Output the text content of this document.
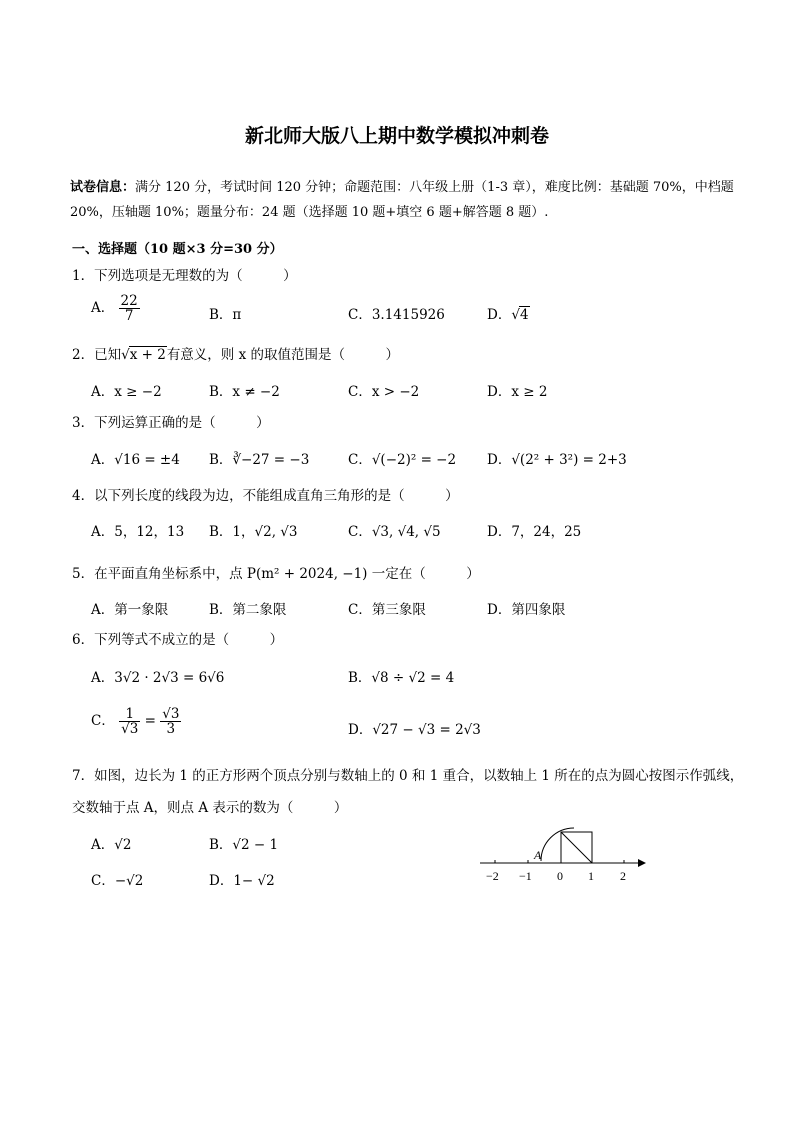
新北师大版八上期中数学模拟冲刺卷
试卷信息：满分 120 分，考试时间 120 分钟；命题范围：八年级上册（1-3 章），难度比例：基础题 70%，中档题 20%，压轴题 10%；题量分布：24 题（选择题 10 题+填空 6 题+解答题 8 题）.
一、选择题（10 题×3 分=30 分）
1．下列选项是无理数的为（　　　）
A． $\frac{22}{7}$	B．π	C．3.1415926	D．√4
2．已知√x + 2有意义，则 x 的取值范围是（　　　）
A．x ≥ −2	B．x ≠ −2	C．x > −2	D．x ≥ 2
3．下列运算正确的是（　　　）
A．√16 = ±4 B．∛−27 = −3	C．√(−2)² = −2 D．√(2² + 3²) = 2+3
4．以下列长度的线段为边，不能组成直角三角形的是（　　　）
A．5，12，13 B．1，√2, √3	C．√3, √4, √5	D．7，24，25
5．在平面直角坐标系中，点 P(m² + 2024, −1) 一定在（　　　）
A．第一象限	B．第二象限	C．第三象限	D．第四象限
6．下列等式不成立的是（　　　）
A．3√2 · 2√3 = 6√6	B．√8 ÷ √2 = 4
C． $\frac{1}{√3} = \frac{√3}{3}$	D．√27 − √3 = 2√3
7．如图，边长为 1 的正方形两个顶点分别与数轴上的 0 和 1 重合，以数轴上 1 所在的点为圆心按图示作弧线，
交数轴于点 A，则点 A 表示的数为（　　　）
A．√2	B．√2 − 1
C．−√2	D．1− √2
A
−2 −1 0 1 2
